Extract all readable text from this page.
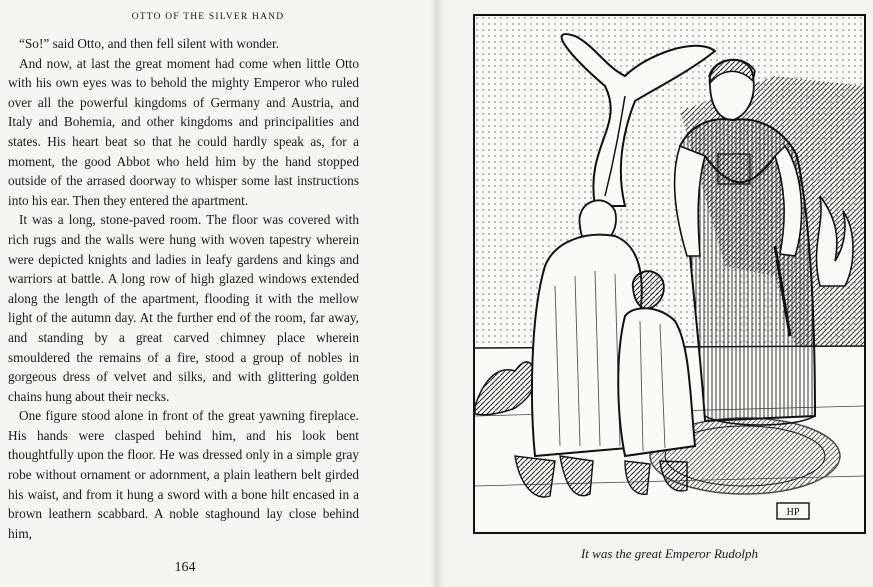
OTTO OF THE SILVER HAND

“So!” said Otto, and then fell silent with wonder.

And now, at last the great moment had come when little Otto with his own eyes was to behold the mighty Emperor who ruled over all the powerful kingdoms of Germany and Austria, and Italy and Bohemia, and other kingdoms and principalities and states. His heart beat so that he could hardly speak as, for a moment, the good Abbot who held him by the hand stopped outside of the arrased doorway to whisper some last instructions into his ear. Then they entered the apartment.

It was a long, stone-paved room. The floor was covered with rich rugs and the walls were hung with woven tapestry wherein were depicted knights and ladies in leafy gardens and kings and warriors at battle. A long row of high glazed windows extended along the length of the apartment, flooding it with the mellow light of the autumn day. At the further end of the room, far away, and standing by a great carved chimney place wherein smouldered the remains of a fire, stood a group of nobles in gorgeous dress of velvet and silks, and with glittering golden chains hung about their necks.

One figure stood alone in front of the great yawning fireplace. His hands were clasped behind him, and his look bent thoughtfully upon the floor. He was dressed only in a simple gray robe without ornament or adornment, a plain leathern belt girded his waist, and from it hung a sword with a bone hilt encased in a brown leathern scabbard. A noble staghound lay close behind him,

164
HP
It was the great Emperor Rudolph
